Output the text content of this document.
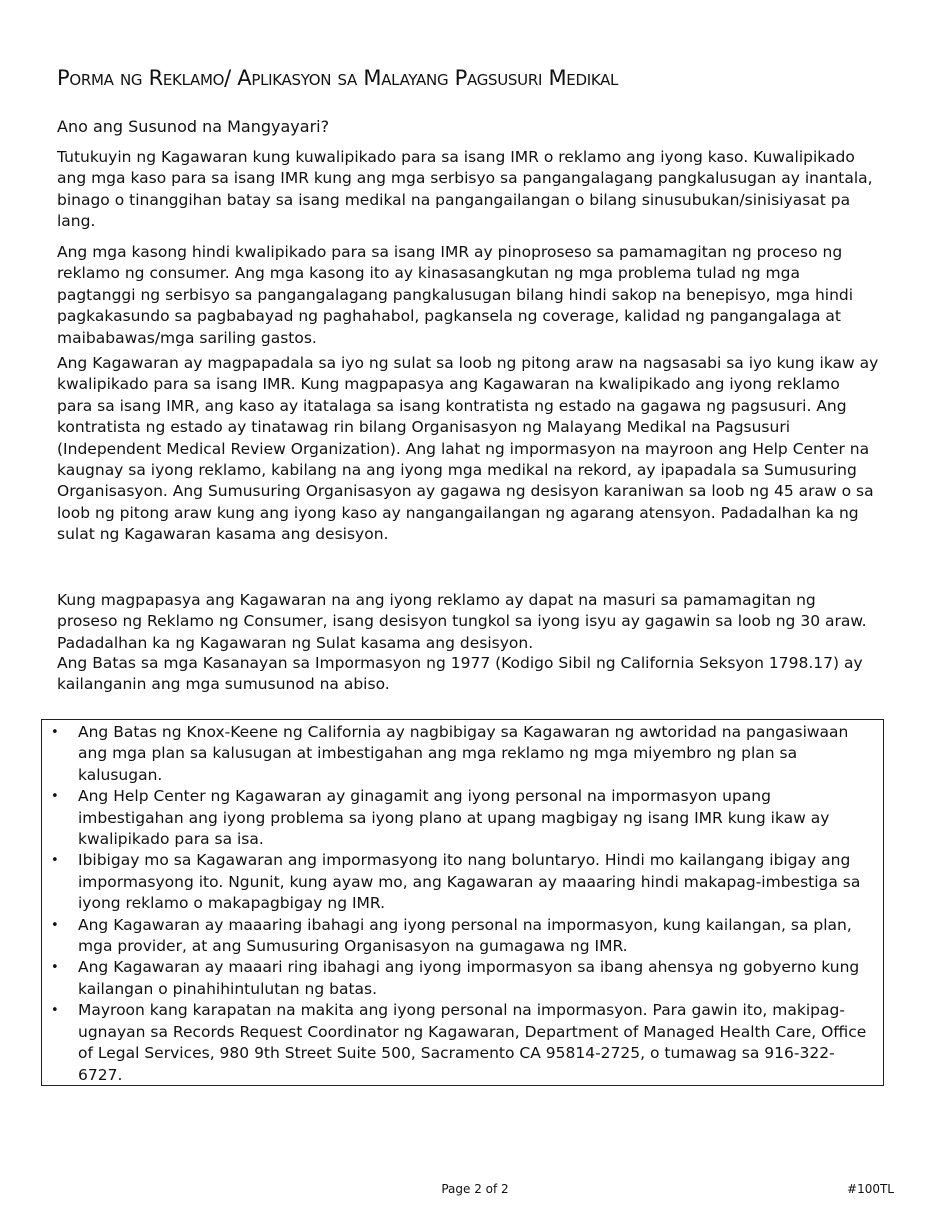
Porma ng Reklamo/ Aplikasyon sa Malayang Pagsusuri Medikal
Ano ang Susunod na Mangyayari?

Tutukuyin ng Kagawaran kung kuwalipikado para sa isang IMR o reklamo ang iyong kaso. Kuwalipikado ang mga kaso para sa isang IMR kung ang mga serbisyo sa pangangalagang pangkalusugan ay inantala, binago o tinanggihan batay sa isang medikal na pangangailangan o bilang sinusubukan/sinisiyasat pa lang.

Ang mga kasong hindi kwalipikado para sa isang IMR ay pinoproseso sa pamamagitan ng proceso ng reklamo ng consumer. Ang mga kasong ito ay kinasasangkutan ng mga problema tulad ng mga pagtanggi ng serbisyo sa pangangalagang pangkalusugan bilang hindi sakop na benepisyo, mga hindi pagkakasundo sa pagbabayad ng paghahabol, pagkansela ng coverage, kalidad ng pangangalaga at maibabawas/mga sariling gastos.

Ang Kagawaran ay magpapadala sa iyo ng sulat sa loob ng pitong araw na nagsasabi sa iyo kung ikaw ay kwalipikado para sa isang IMR. Kung magpapasya ang Kagawaran na kwalipikado ang iyong reklamo para sa isang IMR, ang kaso ay itatalaga sa isang kontratista ng estado na gagawa ng pagsusuri. Ang kontratista ng estado ay tinatawag rin bilang Organisasyon ng Malayang Medikal na Pagsusuri (Independent Medical Review Organization). Ang lahat ng impormasyon na mayroon ang Help Center na kaugnay sa iyong reklamo, kabilang na ang iyong mga medikal na rekord, ay ipapadala sa Sumusuring Organisasyon. Ang Sumusuring Organisasyon ay gagawa ng desisyon karaniwan sa loob ng 45 araw o sa loob ng pitong araw kung ang iyong kaso ay nangangailangan ng agarang atensyon. Padadalhan ka ng sulat ng Kagawaran kasama ang desisyon.

Kung magpapasya ang Kagawaran na ang iyong reklamo ay dapat na masuri sa pamamagitan ng proseso ng Reklamo ng Consumer, isang desisyon tungkol sa iyong isyu ay gagawin sa loob ng 30 araw. Padadalhan ka ng Kagawaran ng Sulat kasama ang desisyon.

Ang Batas sa mga Kasanayan sa Impormasyon ng 1977 (Kodigo Sibil ng California Seksyon 1798.17) ay kailanganin ang mga sumusunod na abiso.

• Ang Batas ng Knox-Keene ng California ay nagbibigay sa Kagawaran ng awtoridad na pangasiwaan ang mga plan sa kalusugan at imbestigahan ang mga reklamo ng mga miyembro ng plan sa kalusugan.
• Ang Help Center ng Kagawaran ay ginagamit ang iyong personal na impormasyon upang imbestigahan ang iyong problema sa iyong plano at upang magbigay ng isang IMR kung ikaw ay kwalipikado para sa isa.
• Ibibigay mo sa Kagawaran ang impormasyong ito nang boluntaryo. Hindi mo kailangang ibigay ang impormasyong ito. Ngunit, kung ayaw mo, ang Kagawaran ay maaaring hindi makapag-imbestiga sa iyong reklamo o makapagbigay ng IMR.
• Ang Kagawaran ay maaaring ibahagi ang iyong personal na impormasyon, kung kailangan, sa plan, mga provider, at ang Sumusuring Organisasyon na gumagawa ng IMR.
• Ang Kagawaran ay maaari ring ibahagi ang iyong impormasyon sa ibang ahensya ng gobyerno kung kailangan o pinahihintulutan ng batas.
• Mayroon kang karapatan na makita ang iyong personal na impormasyon. Para gawin ito, makipag-ugnayan sa Records Request Coordinator ng Kagawaran, Department of Managed Health Care, Office of Legal Services, 980 9th Street Suite 500, Sacramento CA 95814-2725, o tumawag sa 916-322-6727.
Page 2 of 2	#100TL
